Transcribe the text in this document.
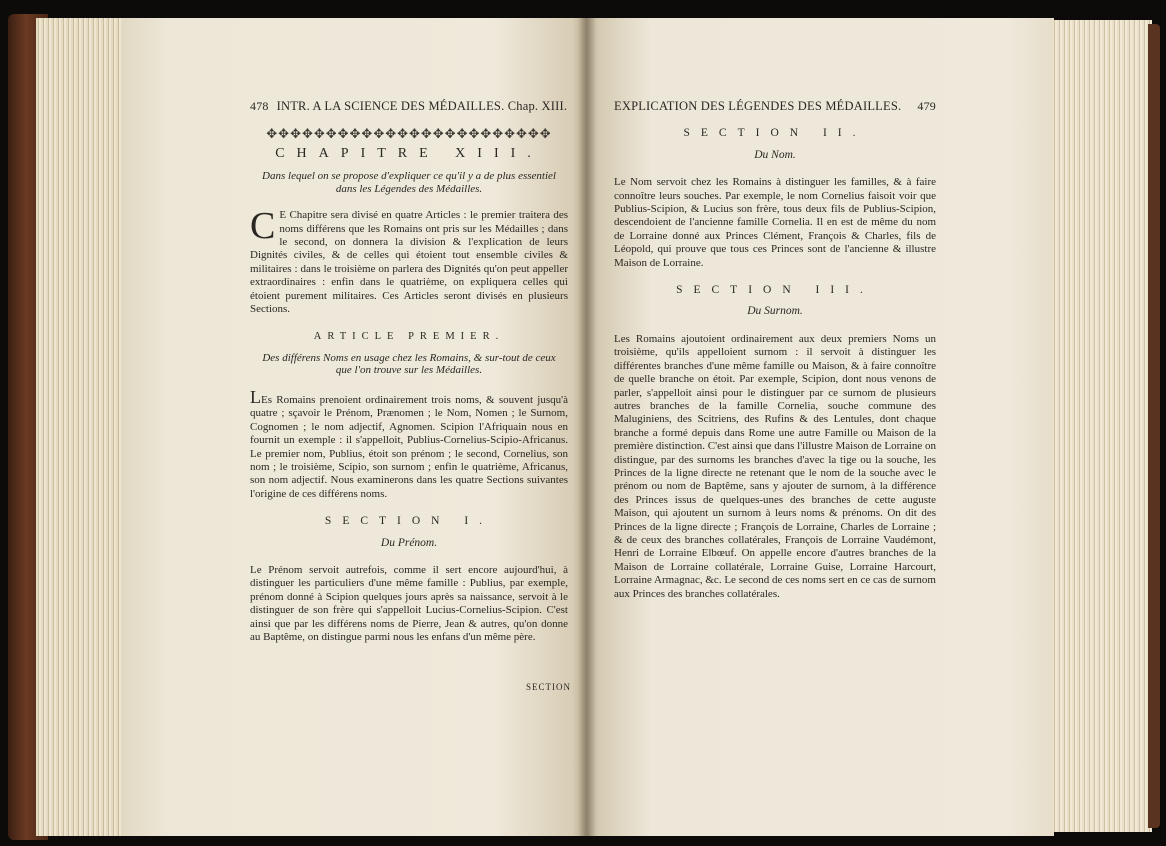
478 INTR. A LA SCIENCE DES MÉDAILLES. Chap. XIII.
✥✥✥✥✥✥✥✥✥✥✥✥✥✥✥✥✥✥✥✥✥✥✥✥
CHAPITRE XIII.
Dans lequel on se propose d'expliquer ce qu'il y a de plus essentiel dans les Légendes des Médailles.

C E Chapitre sera divisé en quatre Articles : le premier traitera des noms différens que les Romains ont pris sur les Médailles ; dans le second, on donnera la division & l'explication de leurs Dignités civiles, & de celles qui étoient tout ensemble civiles & militaires : dans le troisième on parlera des Dignités qu'on peut appeller extraordinaires : enfin dans le quatrième, on expliquera celles qui étoient purement militaires. Ces Articles seront divisés en plusieurs Sections.

ARTICLE PREMIER.
Des différens Noms en usage chez les Romains, & sur-tout de ceux que l'on trouve sur les Médailles.

LEs Romains prenoient ordinairement trois noms, & souvent jusqu'à quatre ; sçavoir le Prénom, Prænomen ; le Nom, Nomen ; le Surnom, Cognomen ; le nom adjectif, Agnomen. Scipion l'Afriquain nous en fournit un exemple : il s'appelloit, Publius-Cornelius-Scipio-Africanus. Le premier nom, Publius, étoit son prénom ; le second, Cornelius, son nom ; le troisième, Scipio, son surnom ; enfin le quatrième, Africanus, son nom adjectif. Nous examinerons dans les quatre Sections suivantes l'origine de ces différens noms.

SECTION I.
Du Prénom.

Le Prénom servoit autrefois, comme il sert encore aujourd'hui, à distinguer les particuliers d'une même famille : Publius, par exemple, prénom donné à Scipion quelques jours après sa naissance, servoit à le distinguer de son frère qui s'appelloit Lucius-Cornelius-Scipion. C'est ainsi que par les différens noms de Pierre, Jean & autres, qu'on donne au Baptême, on distingue parmi nous les enfans d'un même père.

SECTION
EXPLICATION DES LÉGENDES DES MÉDAILLES. 479
SECTION II.
Du Nom.

Le Nom servoit chez les Romains à distinguer les familles, & à faire connoître leurs souches. Par exemple, le nom Cornelius faisoit voir que Publius-Scipion, & Lucius son frère, tous deux fils de Publius-Scipion, descendoient de l'ancienne famille Cornelia. Il en est de même du nom de Lorraine donné aux Princes Clément, François & Charles, fils de Léopold, qui prouve que tous ces Princes sont de l'ancienne & illustre Maison de Lorraine.

SECTION III.
Du Surnom.

Les Romains ajoutoient ordinairement aux deux premiers Noms un troisième, qu'ils appelloient surnom : il servoit à distinguer les différentes branches d'une même famille ou Maison, & à faire connoître de quelle branche on étoit. Par exemple, Scipion, dont nous venons de parler, s'appelloit ainsi pour le distinguer par ce surnom de plusieurs autres branches de la famille Cornelia, souche commune des Maluginiens, des Scitriens, des Rufins & des Lentules, dont chaque branche a formé depuis dans Rome une autre Famille ou Maison de la première distinction. C'est ainsi que dans l'illustre Maison de Lorraine on distingue, par des surnoms les branches d'avec la tige ou la souche, les Princes de la ligne directe ne retenant que le nom de la souche avec le prénom ou nom de Baptême, sans y ajouter de surnom, à la différence des Princes issus de quelques-unes des branches de cette auguste Maison, qui ajoutent un surnom à leurs noms & prénoms. On dit des Princes de la ligne directe ; François de Lorraine, Charles de Lorraine ; & de ceux des branches collatérales, François de Lorraine Vaudémont, Henri de Lorraine Elbœuf. On appelle encore d'autres branches de la Maison de Lorraine collatérale, Lorraine Guise, Lorraine Harcourt, Lorraine Armagnac, &c. Le second de ces noms sert en ce cas de surnom aux Princes des branches collatérales.
